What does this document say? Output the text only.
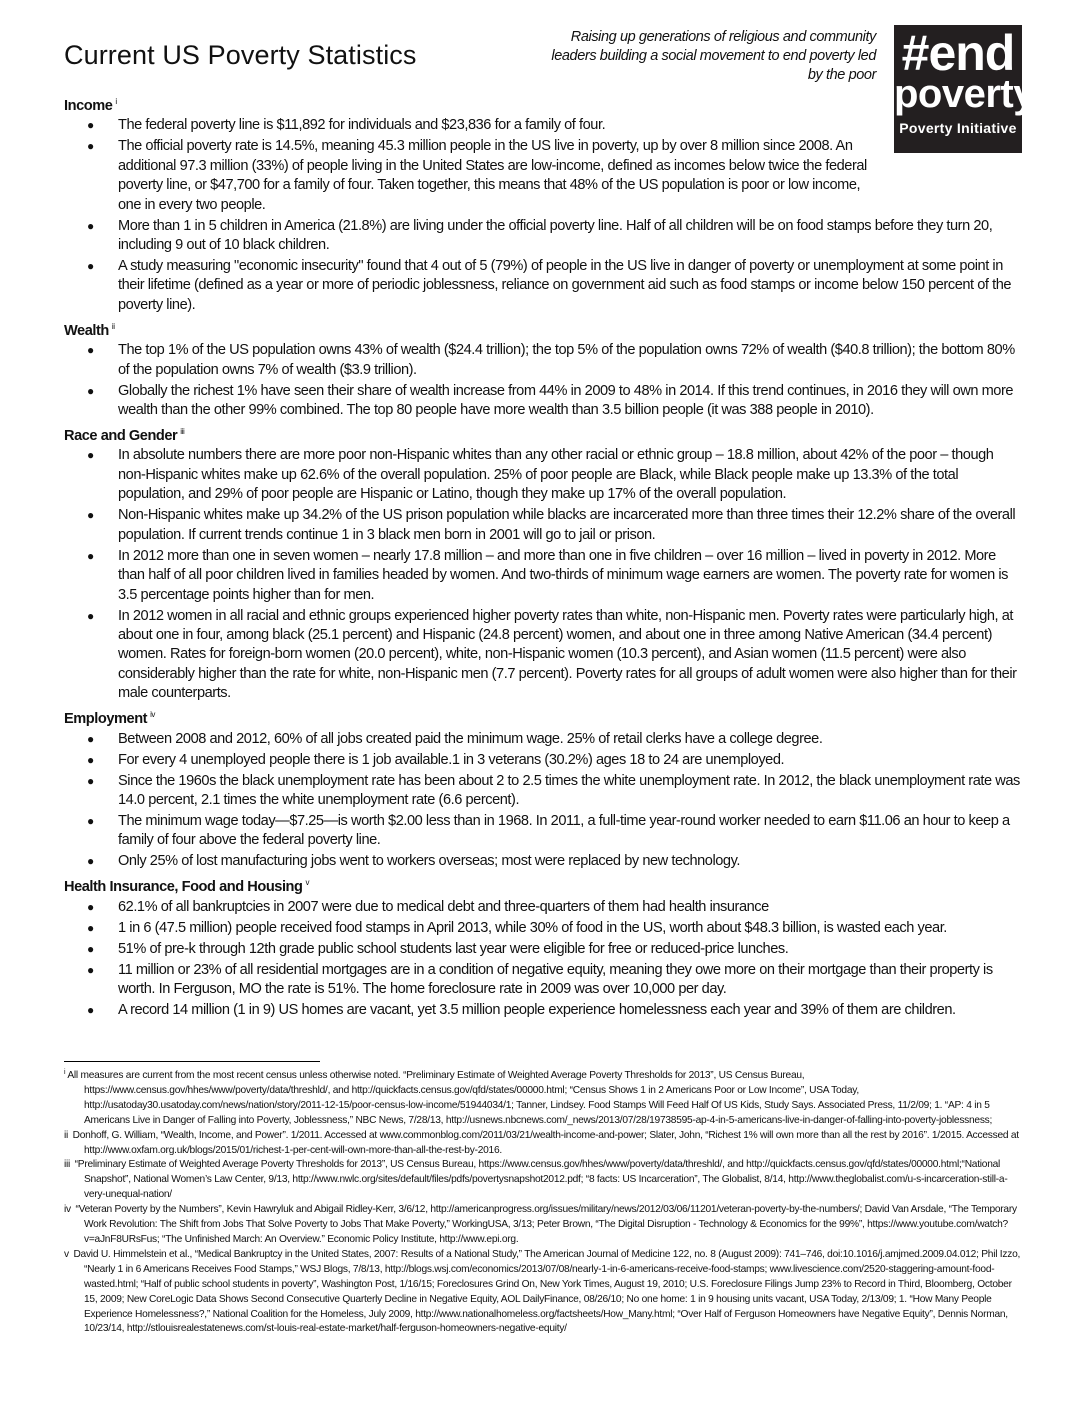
Current US Poverty Statistics
Raising up generations of religious and community leaders building a social movement to end poverty led by the poor #end
poverty
Poverty Initiative

Income $^i$

● The federal poverty line is $11,892 for individuals and $23,836 for a family of four.
● The official poverty rate is 14.5%, meaning 45.3 million people in the US live in poverty, up by over 8 million since 2008. An additional 97.3 million (33%) of people living in the United States are low-income, defined as incomes below twice the federal poverty line, or $47,700 for a family of four. Taken together, this means that 48% of the US population is poor or low income, one in every two people.
● More than 1 in 5 children in America (21.8%) are living under the official poverty line. Half of all children will be on food stamps before they turn 20, including 9 out of 10 black children.
● A study measuring "economic insecurity" found that 4 out of 5 (79%) of people in the US live in danger of poverty or unemployment at some point in their lifetime (defined as a year or more of periodic joblessness, reliance on government aid such as food stamps or income below 150 percent of the poverty line).

Wealth $^{ii}$

● The top 1% of the US population owns 43% of wealth ($24.4 trillion); the top 5% of the population owns 72% of wealth ($40.8 trillion); the bottom 80% of the population owns 7% of wealth ($3.9 trillion).
● Globally the richest 1% have seen their share of wealth increase from 44% in 2009 to 48% in 2014. If this trend continues, in 2016 they will own more wealth than the other 99% combined. The top 80 people have more wealth than 3.5 billion people (it was 388 people in 2010).

Race and Gender $^{iii}$

● In absolute numbers there are more poor non-Hispanic whites than any other racial or ethnic group – 18.8 million, about 42% of the poor – though non-Hispanic whites make up 62.6% of the overall population. 25% of poor people are Black, while Black people make up 13.3% of the total population, and 29% of poor people are Hispanic or Latino, though they make up 17% of the overall population.
● Non-Hispanic whites make up 34.2% of the US prison population while blacks are incarcerated more than three times their 12.2% share of the overall population. If current trends continue 1 in 3 black men born in 2001 will go to jail or prison.
● In 2012 more than one in seven women – nearly 17.8 million – and more than one in five children – over 16 million – lived in poverty in 2012. More than half of all poor children lived in families headed by women. And two-thirds of minimum wage earners are women. The poverty rate for women is 3.5 percentage points higher than for men.
● In 2012 women in all racial and ethnic groups experienced higher poverty rates than white, non-Hispanic men. Poverty rates were particularly high, at about one in four, among black (25.1 percent) and Hispanic (24.8 percent) women, and about one in three among Native American (34.4 percent) women. Rates for foreign-born women (20.0 percent), white, non-Hispanic women (10.3 percent), and Asian women (11.5 percent) were also considerably higher than the rate for white, non-Hispanic men (7.7 percent). Poverty rates for all groups of adult women were also higher than for their male counterparts.

Employment $^{iv}$

● Between 2008 and 2012, 60% of all jobs created paid the minimum wage. 25% of retail clerks have a college degree.
● For every 4 unemployed people there is 1 job available.1 in 3 veterans (30.2%) ages 18 to 24 are unemployed.
● Since the 1960s the black unemployment rate has been about 2 to 2.5 times the white unemployment rate. In 2012, the black unemployment rate was 14.0 percent, 2.1 times the white unemployment rate (6.6 percent).
● The minimum wage today—$7.25—is worth $2.00 less than in 1968. In 2011, a full-time year-round worker needed to earn $11.06 an hour to keep a family of four above the federal poverty line.
● Only 25% of lost manufacturing jobs went to workers overseas; most were replaced by new technology.

Health Insurance, Food and Housing $^v$

● 62.1% of all bankruptcies in 2007 were due to medical debt and three-quarters of them had health insurance
● 1 in 6 (47.5 million) people received food stamps in April 2013, while 30% of food in the US, worth about $48.3 billion, is wasted each year.
● 51% of pre-k through 12th grade public school students last year were eligible for free or reduced-price lunches.
● 11 million or 23% of all residential mortgages are in a condition of negative equity, meaning they owe more on their mortgage than their property is worth. In Ferguson, MO the rate is 51%. The home foreclosure rate in 2009 was over 10,000 per day.
● A record 14 million (1 in 9) US homes are vacant, yet 3.5 million people experience homelessness each year and 39% of them are children.

$^i$ All measures are current from the most recent census unless otherwise noted. “Preliminary Estimate of Weighted Average Poverty Thresholds for 2013”, US Census Bureau, https://www.census.gov/hhes/www/poverty/data/threshld/, and http://quickfacts.census.gov/qfd/states/00000.html; “Census Shows 1 in 2 Americans Poor or Low Income”, USA Today, http://usatoday30.usatoday.com/news/nation/story/2011-12-15/poor-census-low-income/51944034/1; Tanner, Lindsey. Food Stamps Will Feed Half Of US Kids, Study Says. Associated Press, 11/2/09; 1. “AP: 4 in 5 Americans Live in Danger of Falling into Poverty, Joblessness,” NBC News, 7/28/13, http://usnews.nbcnews.com/_news/2013/07/28/19738595-ap-4-in-5-americans-live-in-danger-of-falling-into-poverty-joblessness;

ii Donhoff, G. William, “Wealth, Income, and Power”. 1/2011. Accessed at www.commonblog.com/2011/03/21/wealth-income-and-power; Slater, John, “Richest 1% will own more than all the rest by 2016”. 1/2015. Accessed at http://www.oxfam.org.uk/blogs/2015/01/richest-1-per-cent-will-own-more-than-all-the-rest-by-2016.

iii “Preliminary Estimate of Weighted Average Poverty Thresholds for 2013”, US Census Bureau, https://www.census.gov/hhes/www/poverty/data/threshld/, and http://quickfacts.census.gov/qfd/states/00000.html;“National Snapshot”, National Women’s Law Center, 9/13, http://www.nwlc.org/sites/default/files/pdfs/povertysnapshot2012.pdf; “8 facts: US Incarceration”, The Globalist, 8/14, http://www.theglobalist.com/u-s-incarceration-still-a-very-unequal-nation/

iv “Veteran Poverty by the Numbers”, Kevin Hawryluk and Abigail Ridley-Kerr, 3/6/12, http://americanprogress.org/issues/military/news/2012/03/06/11201/veteran-poverty-by-the-numbers/; David Van Arsdale, “The Temporary Work Revolution: The Shift from Jobs That Solve Poverty to Jobs That Make Poverty,” WorkingUSA, 3/13; Peter Brown, “The Digital Disruption - Technology & Economics for the 99%”, https://www.youtube.com/watch?v=aJnF8URsFus; “The Unfinished March: An Overview.” Economic Policy Institute, http://www.epi.org.

v David U. Himmelstein et al., “Medical Bankruptcy in the United States, 2007: Results of a National Study,” The American Journal of Medicine 122, no. 8 (August 2009): 741–746, doi:10.1016/j.amjmed.2009.04.012; Phil Izzo, “Nearly 1 in 6 Americans Receives Food Stamps,” WSJ Blogs, 7/8/13, http://blogs.wsj.com/economics/2013/07/08/nearly-1-in-6-americans-receive-food-stamps; www.livescience.com/2520-staggering-amount-food-wasted.html; “Half of public school students in poverty”, Washington Post, 1/16/15; Foreclosures Grind On, New York Times, August 19, 2010; U.S. Foreclosure Filings Jump 23% to Record in Third, Bloomberg, October 15, 2009; New CoreLogic Data Shows Second Consecutive Quarterly Decline in Negative Equity, AOL DailyFinance, 08/26/10; No one home: 1 in 9 housing units vacant, USA Today, 2/13/09; 1. “How Many People Experience Homelessness?,” National Coalition for the Homeless, July 2009, http://www.nationalhomeless.org/factsheets/How_Many.html; “Over Half of Ferguson Homeowners have Negative Equity”, Dennis Norman, 10/23/14, http://stlouisrealestatenews.com/st-louis-real-estate-market/half-ferguson-homeowners-negative-equity/
